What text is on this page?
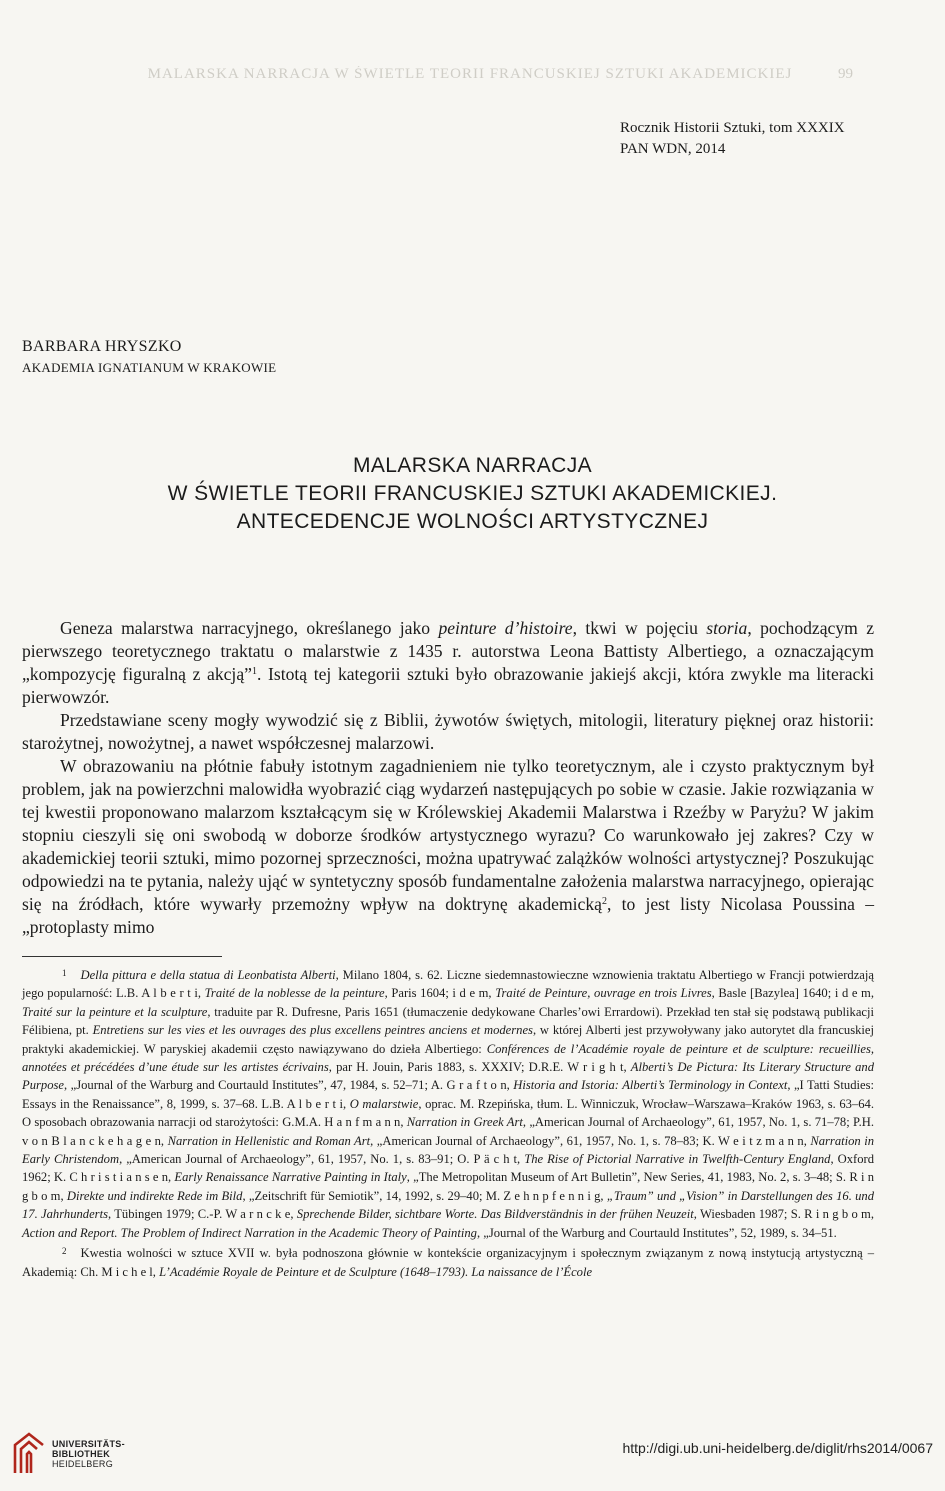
MALARSKA NARRACJA W ŚWIETLE TEORII FRANCUSKIEJ SZTUKI AKADEMICKIEJ	99
Rocznik Historii Sztuki, tom XXXIX
PAN WDN, 2014
BARBARA HRYSZKO
AKADEMIA IGNATIANUM W KRAKOWIE
MALARSKA NARRACJA
W ŚWIETLE TEORII FRANCUSKIEJ SZTUKI AKADEMICKIEJ.
ANTECEDENCJE WOLNOŚCI ARTYSTYCZNEJ

Geneza malarstwa narracyjnego, określanego jako peinture d’histoire, tkwi w pojęciu storia, pochodzącym z pierwszego teoretycznego traktatu o malarstwie z 1435 r. autorstwa Leona Battisty Albertiego, a oznaczającym „kompozycję figuralną z akcją”$^1$. Istotą tej kategorii sztuki było obrazowanie jakiejś akcji, która zwykle ma literacki pierwowzór.

Przedstawiane sceny mogły wywodzić się z Biblii, żywotów świętych, mitologii, literatury pięknej oraz historii: starożytnej, nowożytnej, a nawet współczesnej malarzowi.

W obrazowaniu na płótnie fabuły istotnym zagadnieniem nie tylko teoretycznym, ale i czysto praktycznym był problem, jak na powierzchni malowidła wyobrazić ciąg wydarzeń następujących po sobie w czasie. Jakie rozwiązania w tej kwestii proponowano malarzom kształcącym się w Królewskiej Akademii Malarstwa i Rzeźby w Paryżu? W jakim stopniu cieszyli się oni swobodą w doborze środków artystycznego wyrazu? Co warunkowało jej zakres? Czy w akademickiej teorii sztuki, mimo pozornej sprzeczności, można upatrywać zalążków wolności artystycznej? Poszukując odpowiedzi na te pytania, należy ująć w syntetyczny sposób fundamentalne założenia malarstwa narracyjnego, opierając się na źródłach, które wywarły przemożny wpływ na doktrynę akademicką$^2$, to jest listy Nicolasa Poussina – „protoplasty mimo

$^1$ Della pittura e della statua di Leonbatista Alberti, Milano 1804, s. 62. Liczne siedemnastowieczne wznowienia traktatu Albertiego w Francji potwierdzają jego popularność: L.B. A l b e r t i, Traité de la noblesse de la peinture, Paris 1604; i d e m, Traité de Peinture, ouvrage en trois Livres, Basle [Bazylea] 1640; i d e m, Traité sur la peinture et la sculpture, traduite par R. Dufresne, Paris 1651 (tłumaczenie dedykowane Charles’owi Errardowi). Przekład ten stał się podstawą publikacji Félibiena, pt. Entretiens sur les vies et les ouvrages des plus excellens peintres anciens et modernes, w której Alberti jest przywoływany jako autorytet dla francuskiej praktyki akademickiej. W paryskiej akademii często nawiązywano do dzieła Albertiego: Conférences de l’Académie royale de peinture et de sculpture: recueillies, annotées et précédées d’une étude sur les artistes écrivains, par H. Jouin, Paris 1883, s. XXXIV; D.R.E. W r i g h t, Alberti’s De Pictura: Its Literary Structure and Purpose, „Journal of the Warburg and Courtauld Institutes”, 47, 1984, s. 52–71; A. G r a f t o n, Historia and Istoria: Alberti’s Terminology in Context, „I Tatti Studies: Essays in the Renaissance”, 8, 1999, s. 37–68. L.B. A l b e r t i, O malarstwie, oprac. M. Rzepińska, tłum. L. Winniczuk, Wrocław–Warszawa–Kraków 1963, s. 63–64. O sposobach obrazowania narracji od starożytości: G.M.A. H a n f m a n n, Narration in Greek Art, „American Journal of Archaeology”, 61, 1957, No. 1, s. 71–78; P.H. v o n B l a n c k e h a g e n, Narration in Hellenistic and Roman Art, „American Journal of Archaeology”, 61, 1957, No. 1, s. 78–83; K. W e i t z m a n n, Narration in Early Christendom, „American Journal of Archaeology”, 61, 1957, No. 1, s. 83–91; O. P ä c h t, The Rise of Pictorial Narrative in Twelfth-Century England, Oxford 1962; K. C h r i s t i a n s e n, Early Renaissance Narrative Painting in Italy, „The Metropolitan Museum of Art Bulletin”, New Series, 41, 1983, No. 2, s. 3–48; S. R i n g b o m, Direkte und indirekte Rede im Bild, „Zeitschrift für Semiotik”, 14, 1992, s. 29–40; M. Z e h n p f e n n i g, „Traum” und „Vision” in Darstellungen des 16. und 17. Jahrhunderts, Tübingen 1979; C.-P. W a r n c k e, Sprechende Bilder, sichtbare Worte. Das Bildverständnis in der frühen Neuzeit, Wiesbaden 1987; S. R i n g b o m, Action and Report. The Problem of Indirect Narration in the Academic Theory of Painting, „Journal of the Warburg and Courtauld Institutes”, 52, 1989, s. 34–51.

$^2$ Kwestia wolności w sztuce XVII w. była podnoszona głównie w kontekście organizacyjnym i społecznym związanym z nową instytucją artystyczną – Akademią: Ch. M i c h e l, L’Académie Royale de Peinture et de Sculpture (1648–1793). La naissance de l’École

UNIVERSITÄTS-
BIBLIOTHEK
HEIDELBERG
http://digi.ub.uni-heidelberg.de/diglit/rhs2014/0067
